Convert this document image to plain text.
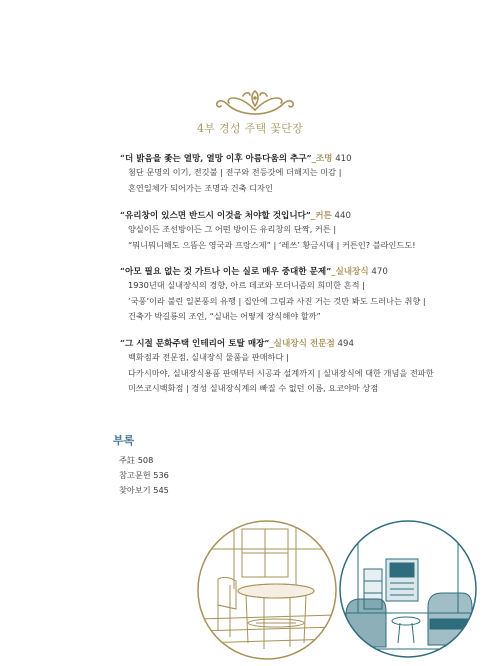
4부 경성 주택 꽃단장
“더 밝음을 좇는 열망, 열망 이후 아름다움의 추구”_조명 410
첨단 문명의 이기, 전깃불 | 전구와 전등갓에 더해지는 미감 |
혼연일체가 되어가는 조명과 건축 디자인
“유리창이 있스면 반드시 이것을 처야할 것입니다”_커튼 440
양실이든 조선방이든 그 어떤 방이든 유리창의 단짝, 커튼 |
“뭐니뭐니해도 으뜸은 영국과 프랑스제” | ‘레쓰’ 황금시대 | 커튼인? 블라인드도!
“아모 필요 없는 것 가트나 이는 실로 매우 중대한 문제”_실내장식 470
1930년대 실내장식의 경향, 아르 데코와 모더니즘의 희미한 흔적 |
‘국풍’이라 불린 일본풍의 유행 | 집안에 그림과 사진 거는 것만 봐도 드러나는 취향 |
건축가 박길룡의 조언, “실내는 어떻게 장식해야 할까”
“그 시절 문화주택 인테리어 토탈 매장”_실내장식 전문점 494
백화점과 전문점, 실내장식 물품을 판매하다 |
다카시마야, 실내장식용품 판매부터 시공과 설계까지 | 실내장식에 대한 개념을 전파한
미쓰코시백화점 | 경성 실내장식계의 빠질 수 없던 이름, 요코야마 상점
부록
주註 508
참고문헌 536
찾아보기 545
